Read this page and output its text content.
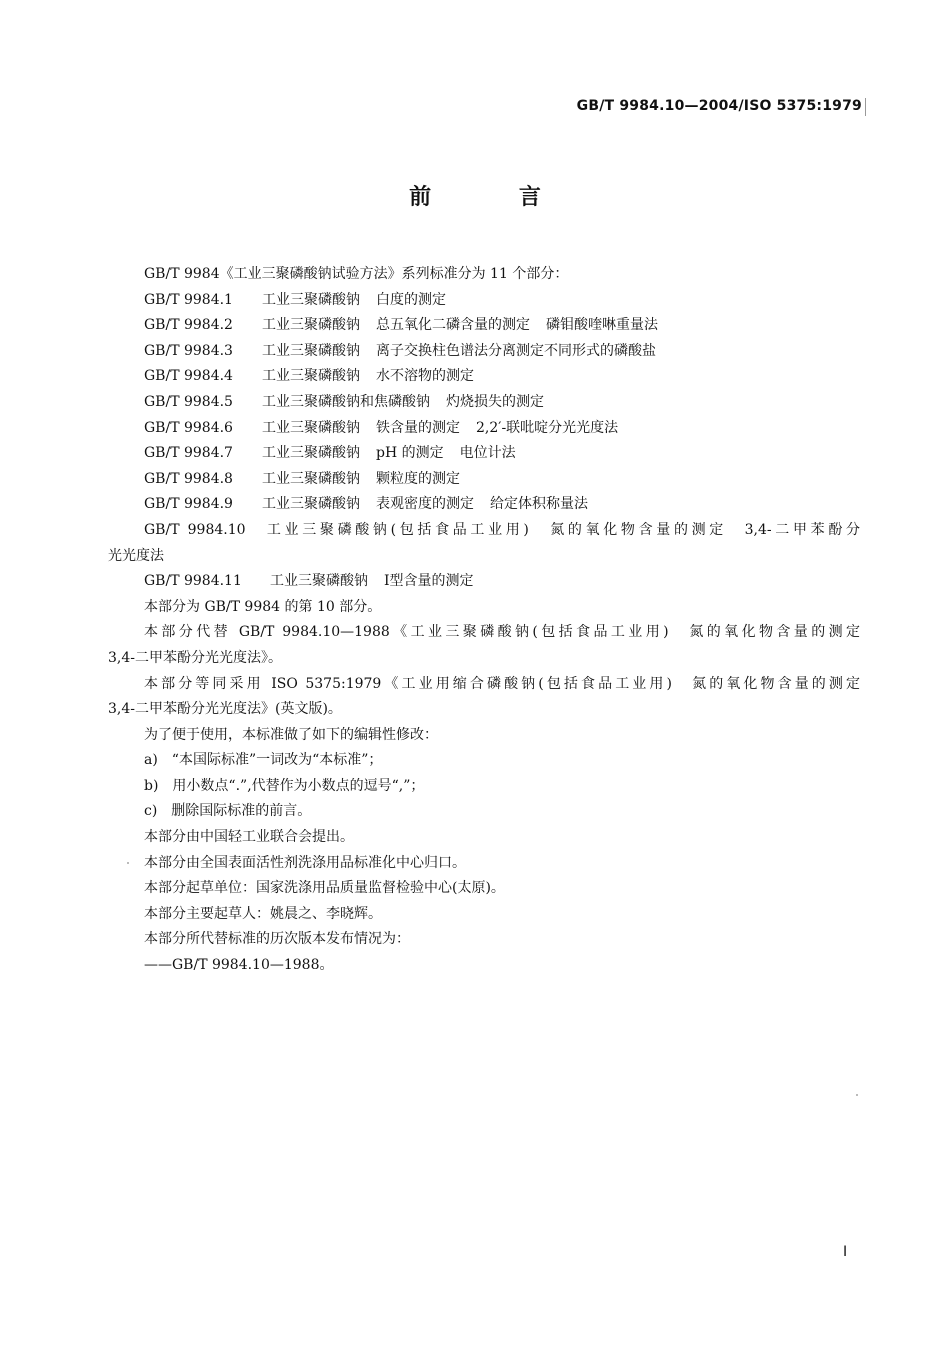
GB/T 9984.10—2004/ISO 5375:1979
前 言
GB/T 9984《工业三聚磷酸钠试验方法》系列标准分为 11 个部分：
GB/T 9984.1 工业三聚磷酸钠 白度的测定
GB/T 9984.2 工业三聚磷酸钠 总五氧化二磷含量的测定 磷钼酸喹啉重量法
GB/T 9984.3 工业三聚磷酸钠 离子交换柱色谱法分离测定不同形式的磷酸盐
GB/T 9984.4 工业三聚磷酸钠 水不溶物的测定
GB/T 9984.5 工业三聚磷酸钠和焦磷酸钠 灼烧损失的测定
GB/T 9984.6 工业三聚磷酸钠 铁含量的测定 2,2′-联吡啶分光光度法
GB/T 9984.7 工业三聚磷酸钠 pH 的测定 电位计法
GB/T 9984.8 工业三聚磷酸钠 颗粒度的测定
GB/T 9984.9 工业三聚磷酸钠 表观密度的测定 给定体积称量法
GB/T 9984.10　工业三聚磷酸钠(包括食品工业用)　氮的氧化物含量的测定　3,4-二甲苯酚分
光光度法
GB/T 9984.11 工业三聚磷酸钠 Ⅰ型含量的测定
本部分为 GB/T 9984 的第 10 部分。
本部分代替 GB/T 9984.10—1988《工业三聚磷酸钠(包括食品工业用)　氮的氧化物含量的测定
3,4-二甲苯酚分光光度法》。
本部分等同采用 ISO 5375:1979《工业用缩合磷酸钠(包括食品工业用)　氮的氧化物含量的测定
3,4-二甲苯酚分光光度法》(英文版)。
为了便于使用，本标准做了如下的编辑性修改：
a)　“本国际标准”一词改为“本标准”；
b)　用小数点“.”,代替作为小数点的逗号“,”；
c)　删除国际标准的前言。
本部分由中国轻工业联合会提出。
本部分由全国表面活性剂洗涤用品标准化中心归口。
本部分起草单位：国家洗涤用品质量监督检验中心(太原)。
本部分主要起草人：姚晨之、李晓辉。
本部分所代替标准的历次版本发布情况为：
——GB/T 9984.10—1988。
I
